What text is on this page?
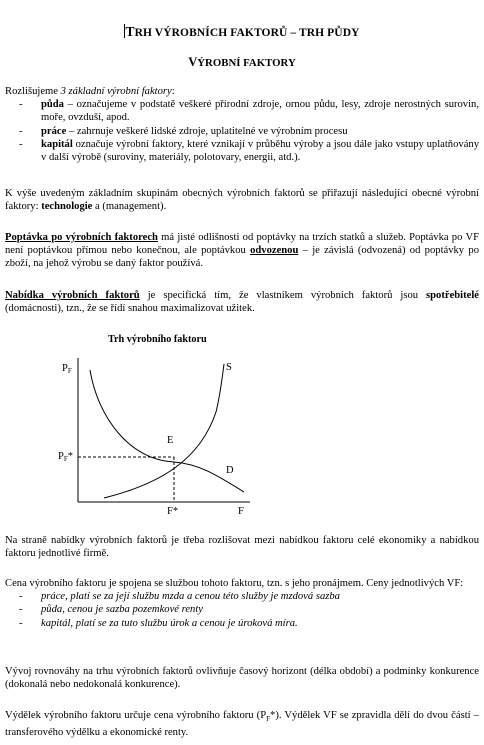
TRH VÝROBNÍCH FAKTORŮ – TRH PŮDY
VÝROBNÍ FAKTORY

Rozlišujeme 3 základní výrobní faktory:

- půda – označujeme v podstatě veškeré přírodní zdroje, ornou půdu, lesy, zdroje nerostných surovin, moře, ovzduší, apod.
- práce – zahrnuje veškeré lidské zdroje, uplatitelné ve výrobním procesu
- kapitál označuje výrobní faktory, které vznikají v průběhu výroby a jsou dále jako vstupy uplatňovány v další výrobě (suroviny, materiály, polotovary, energii, atd.).

K výše uvedeným základním skupinám obecných výrobních faktorů se přiřazují následující obecné výrobní faktory: technologie a (management).

Poptávka po výrobních faktorech má jisté odlišnosti od poptávky na trzích statků a služeb. Poptávka po VF není poptávkou přímou nebo konečnou, ale poptávkou odvozenou – je závislá (odvozená) od poptávky po zboží, na jehož výrobu se daný faktor používá.

Nabídka výrobních faktorů je specifická tím, že vlastníkem výrobních faktorů jsou spotřebitelé (domácnosti), tzn., že se řídí snahou maximalizovat užitek.

Trh výrobního faktoru
PF	S
E
D
PF*
F*	F

Na straně nabídky výrobních faktorů je třeba rozlišovat mezi nabídkou faktoru celé ekonomiky a nabídkou faktoru jednotlivé firmě.

Cena výrobního faktoru je spojena se službou tohoto faktoru, tzn. s jeho pronájmem. Ceny jednotlivých VF:

- práce, platí se za její službu mzda a cenou této služby je mzdová sazba
- půda, cenou je sazba pozemkové renty
- kapitál, platí se za tuto službu úrok a cenou je úroková míra.

Vývoj rovnováhy na trhu výrobních faktorů ovlivňuje časový horizont (délka období) a podmínky konkurence (dokonalá nebo nedokonalá konkurence).

Výdělek výrobního faktoru určuje cena výrobního faktoru $(P_F*)$. Výdělek VF se zpravidla dělí do dvou částí – transferového výdělku a ekonomické renty.
